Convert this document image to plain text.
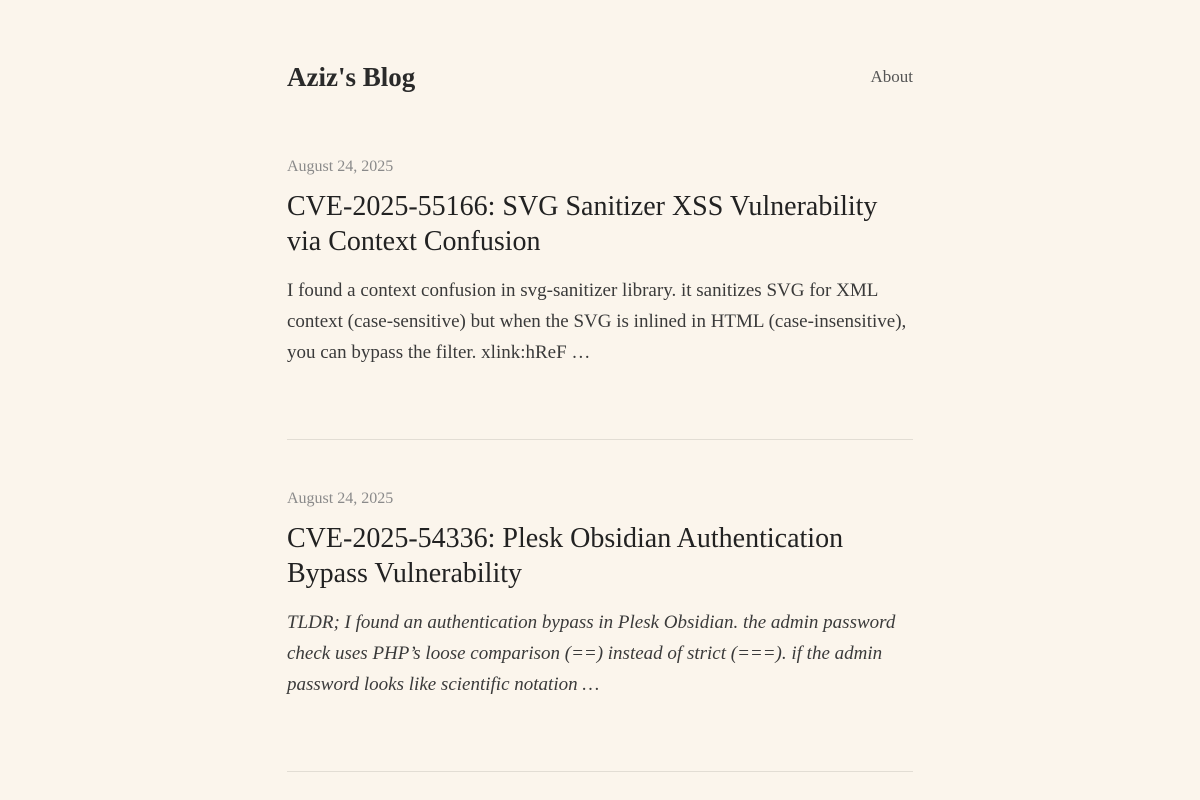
Aziz's Blog	About
August 24, 2025
CVE-2025-55166: SVG Sanitizer XSS Vulnerability via Context Confusion

I found a context confusion in svg-sanitizer library. it sanitizes SVG for XML context (case-sensitive) but when the SVG is inlined in HTML (case-insensitive), you can bypass the filter. xlink:hReF …

August 24, 2025
CVE-2025-54336: Plesk Obsidian Authentication Bypass Vulnerability

TLDR; I found an authentication bypass in Plesk Obsidian. the admin password check uses PHP’s loose comparison (==) instead of strict (===). if the admin password looks like scientific notation …
